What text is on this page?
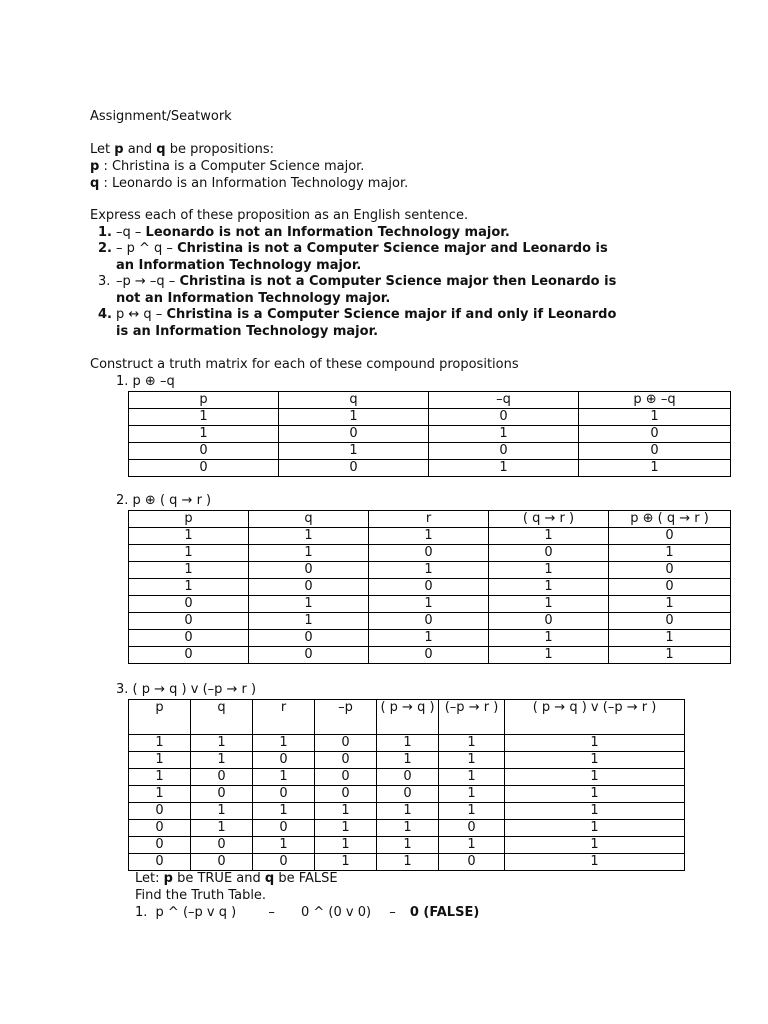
Assignment/Seatwork
Let p and q be propositions:
p : Christina is a Computer Science major.
q : Leonardo is an Information Technology major.
Express each of these proposition as an English sentence.
1. –q – Leonardo is not an Information Technology major.
2. – p ^ q – Christina is not a Computer Science major and Leonardo is
an Information Technology major.
3. –p → –q – Christina is not a Computer Science major then Leonardo is
not an Information Technology major.
4. p ↔ q – Christina is a Computer Science major if and only if Leonardo
is an Information Technology major.
Construct a truth matrix for each of these compound propositions
1. p ⊕ –q
p	q	–q	p ⊕ –q
1	1	0	1
1	0	1	0
0	1	0	0
0	0	1	1
2. p ⊕ ( q → r )
p	q	r	( q → r )	p ⊕ ( q → r )
1	1	1	1	0
1	1	0	0	1
1	0	1	1	0
1	0	0	1	0
0	1	1	1	1
0	1	0	0	0
0	0	1	1	1
0	0	0	1	1
3. ( p → q ) v (–p → r )
p	q	r	–p	( p → q )	(–p → r )	( p → q ) v (–p → r )
1	1	1	0	1	1	1
1	1	0	0	1	1	1
1	0	1	0	0	1	1
1	0	0	0	0	1	1
0	1	1	1	1	1	1
0	1	0	1	1	0	1
0	0	1	1	1	1	1
0	0	0	1	1	0	1
Let: p be TRUE and q be FALSE
Find the Truth Table.
1. p ^ (–p v q ) – 0 ^ (0 v 0) – 0 (FALSE)
